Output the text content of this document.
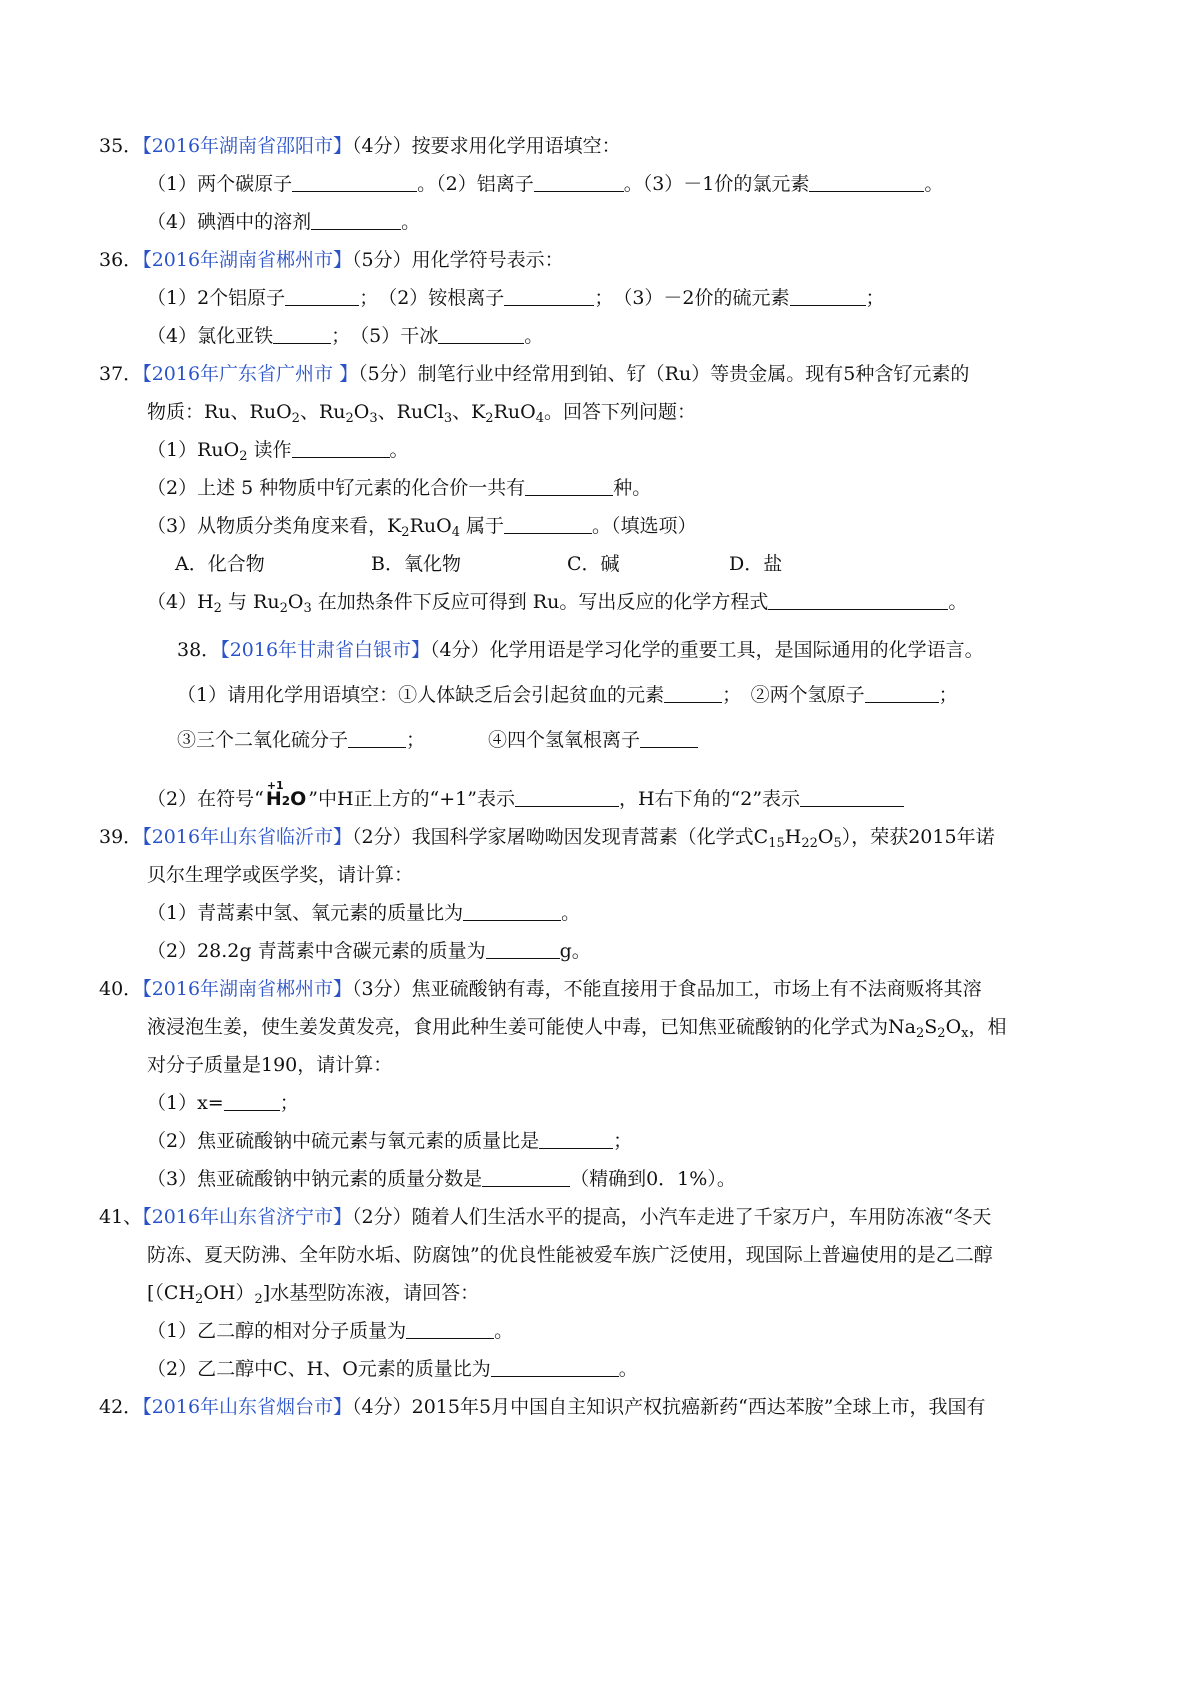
35．【2016年湖南省邵阳市】（4分）按要求用化学用语填空：
（1）两个碳原子	。（2）铝离子	。（3）－1价的氯元素	。
（4）碘酒中的溶剂	。
36．【2016年湖南省郴州市】（5分）用化学符号表示：
（1）2个铝原子	；　 （2）铵根离子	；　 （3）－2价的硫元素	；
（4）氯化亚铁	；　 （5）干冰	。
37．【2016年广东省广州市 】（5分）制笔行业中经常用到铂、钌（Ru）等贵金属。现有5种含钌元素的
物质：Ru、RuO$_2$、$Ru_2O_3$、RuCl$_3$、$K_2RuO_4$。回答下列问题：
（1）RuO$_2$ 读作	。
（2）上述 5 种物质中钌元素的化合价一共有	种。
（3）从物质分类角度来看，$K_2RuO_4$ 属于	。（填选项）
A．化合物	B．氧化物	C．碱	D．盐
$(4)H_2$ 与 $Ru_2O_3$ 在加热条件下反应可得到 Ru。写出反应的化学方程式	。
38．【2016年甘肃省白银市】（4分）化学用语是学习化学的重要工具，是国际通用的化学语言。
（1）请用化学用语填空：①人体缺乏后会引起贫血的元素	；　②两个氢原子	；
③三个二氧化硫分子	；	④四个氢氧根离子
（2）在符号“
+1
H2O ”中H正上方的“+1”表示	，H右下角的“2”表示
39．【2016年山东省临沂市】（2分）我国科学家屠呦呦因发现青蒿素（化学式$C_{15}H_{22}O_5$），荣获2015年诺
贝尔生理学或医学奖，请计算：
（1）青蒿素中氢、氧元素的质量比为	。
（2）28.2g 青蒿素中含碳元素的质量为	g。
40．【2016年湖南省郴州市】（3分）焦亚硫酸钠有毒，不能直接用于食品加工，市场上有不法商贩将其溶
液浸泡生姜，使生姜发黄发亮，食用此种生姜可能使人中毒，已知焦亚硫酸钠的化学式为$Na_2S_2O_x$，相
对分子质量是190，请计算：
（1）x=	；
（2）焦亚硫酸钠中硫元素与氧元素的质量比是	；
（3）焦亚硫酸钠中钠元素的质量分数是	（精确到0．1%）。
41、【2016年山东省济宁市】（2分）随着人们生活水平的提高，小汽车走进了千家万户，车用防冻液“冬天
防冻、夏天防沸、全年防水垢、防腐蚀”的优良性能被爱车族广泛使用，现国际上普遍使用的是乙二醇
$[(CH_2OH)_2]$水基型防冻液，请回答：
（1）乙二醇的相对分子质量为	。
（2）乙二醇中C、H、O元素的质量比为	。
42．【2016年山东省烟台市】（4分）2015年5月中国自主知识产权抗癌新药“西达苯胺”全球上市，我国有
